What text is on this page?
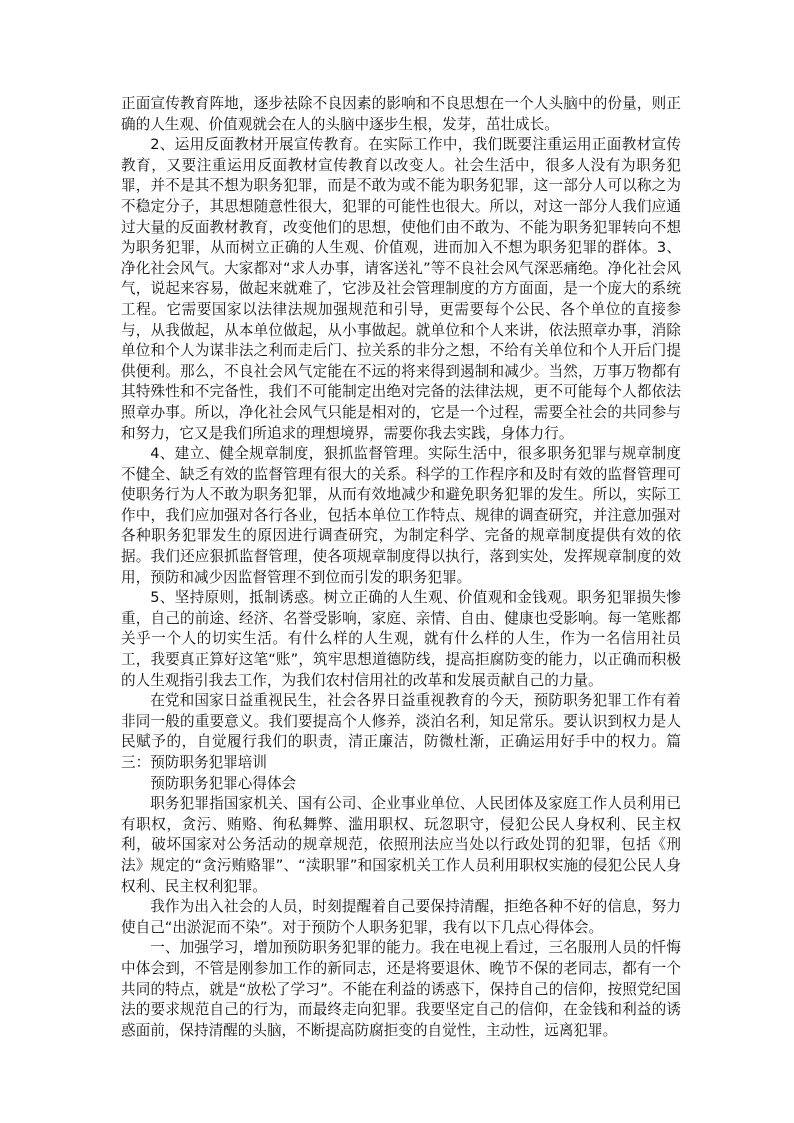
正面宣传教育阵地，逐步祛除不良因素的影响和不良思想在一个人头脑中的份量，则正确的人生观、价值观就会在人的头脑中逐步生根，发芽，茁壮成长。

2、运用反面教材开展宣传教育。在实际工作中，我们既要注重运用正面教材宣传教育，又要注重运用反面教材宣传教育以改变人。社会生活中，很多人没有为职务犯罪，并不是其不想为职务犯罪，而是不敢为或不能为职务犯罪，这一部分人可以称之为不稳定分子，其思想随意性很大，犯罪的可能性也很大。所以，对这一部分人我们应通过大量的反面教材教育，改变他们的思想，使他们由不敢为、不能为职务犯罪转向不想为职务犯罪，从而树立正确的人生观、价值观，进而加入不想为职务犯罪的群体。3、净化社会风气。大家都对“求人办事，请客送礼”等不良社会风气深恶痛绝。净化社会风气，说起来容易，做起来就难了，它涉及社会管理制度的方方面面，是一个庞大的系统工程。它需要国家以法律法规加强规范和引导，更需要每个公民、各个单位的直接参与，从我做起，从本单位做起，从小事做起。就单位和个人来讲，依法照章办事，消除单位和个人为谋非法之利而走后门、拉关系的非分之想，不给有关单位和个人开后门提供便利。那么，不良社会风气定能在不远的将来得到遏制和减少。当然，万事万物都有其特殊性和不完备性，我们不可能制定出绝对完备的法律法规，更不可能每个人都依法照章办事。所以，净化社会风气只能是相对的，它是一个过程，需要全社会的共同参与和努力，它又是我们所追求的理想境界，需要你我去实践，身体力行。

4、建立、健全规章制度，狠抓监督管理。实际生活中，很多职务犯罪与规章制度不健全、缺乏有效的监督管理有很大的关系。科学的工作程序和及时有效的监督管理可使职务行为人不敢为职务犯罪，从而有效地减少和避免职务犯罪的发生。所以，实际工作中，我们应加强对各行各业，包括本单位工作特点、规律的调查研究，并注意加强对各种职务犯罪发生的原因进行调查研究，为制定科学、完备的规章制度提供有效的依据。我们还应狠抓监督管理，使各项规章制度得以执行，落到实处，发挥规章制度的效用，预防和减少因监督管理不到位而引发的职务犯罪。

5、坚持原则，抵制诱惑。树立正确的人生观、价值观和金钱观。职务犯罪损失惨重，自己的前途、经济、名誉受影响，家庭、亲情、自由、健康也受影响。每一笔账都关乎一个人的切实生活。有什么样的人生观，就有什么样的人生，作为一名信用社员工，我要真正算好这笔“账”，筑牢思想道德防线，提高拒腐防变的能力，以正确而积极的人生观指引我去工作，为我们农村信用社的改革和发展贡献自己的力量。

在党和国家日益重视民生，社会各界日益重视教育的今天，预防职务犯罪工作有着非同一般的重要意义。我们要提高个人修养，淡泊名利，知足常乐。要认识到权力是人民赋予的，自觉履行我们的职责，清正廉洁，防微杜渐，正确运用好手中的权力。篇三：预防职务犯罪培训

预防职务犯罪心得体会

职务犯罪指国家机关、国有公司、企业事业单位、人民团体及家庭工作人员利用已有职权，贪污、贿赂、徇私舞弊、滥用职权、玩忽职守，侵犯公民人身权利、民主权利，破坏国家对公务活动的规章规范，依照刑法应当处以行政处罚的犯罪，包括《刑法》规定的“贪污贿赂罪”、“渎职罪”和国家机关工作人员利用职权实施的侵犯公民人身权利、民主权利犯罪。

我作为出入社会的人员，时刻提醒着自己要保持清醒，拒绝各种不好的信息，努力使自己“出淤泥而不染”。对于预防个人职务犯罪，我有以下几点心得体会。

一、加强学习，增加预防职务犯罪的能力。我在电视上看过，三名服刑人员的忏悔中体会到，不管是刚参加工作的新同志，还是将要退休、晚节不保的老同志，都有一个共同的特点，就是“放松了学习”。不能在利益的诱惑下，保持自己的信仰，按照党纪国法的要求规范自己的行为，而最终走向犯罪。我要坚定自己的信仰，在金钱和利益的诱惑面前，保持清醒的头脑，不断提高防腐拒变的自觉性，主动性，远离犯罪。
